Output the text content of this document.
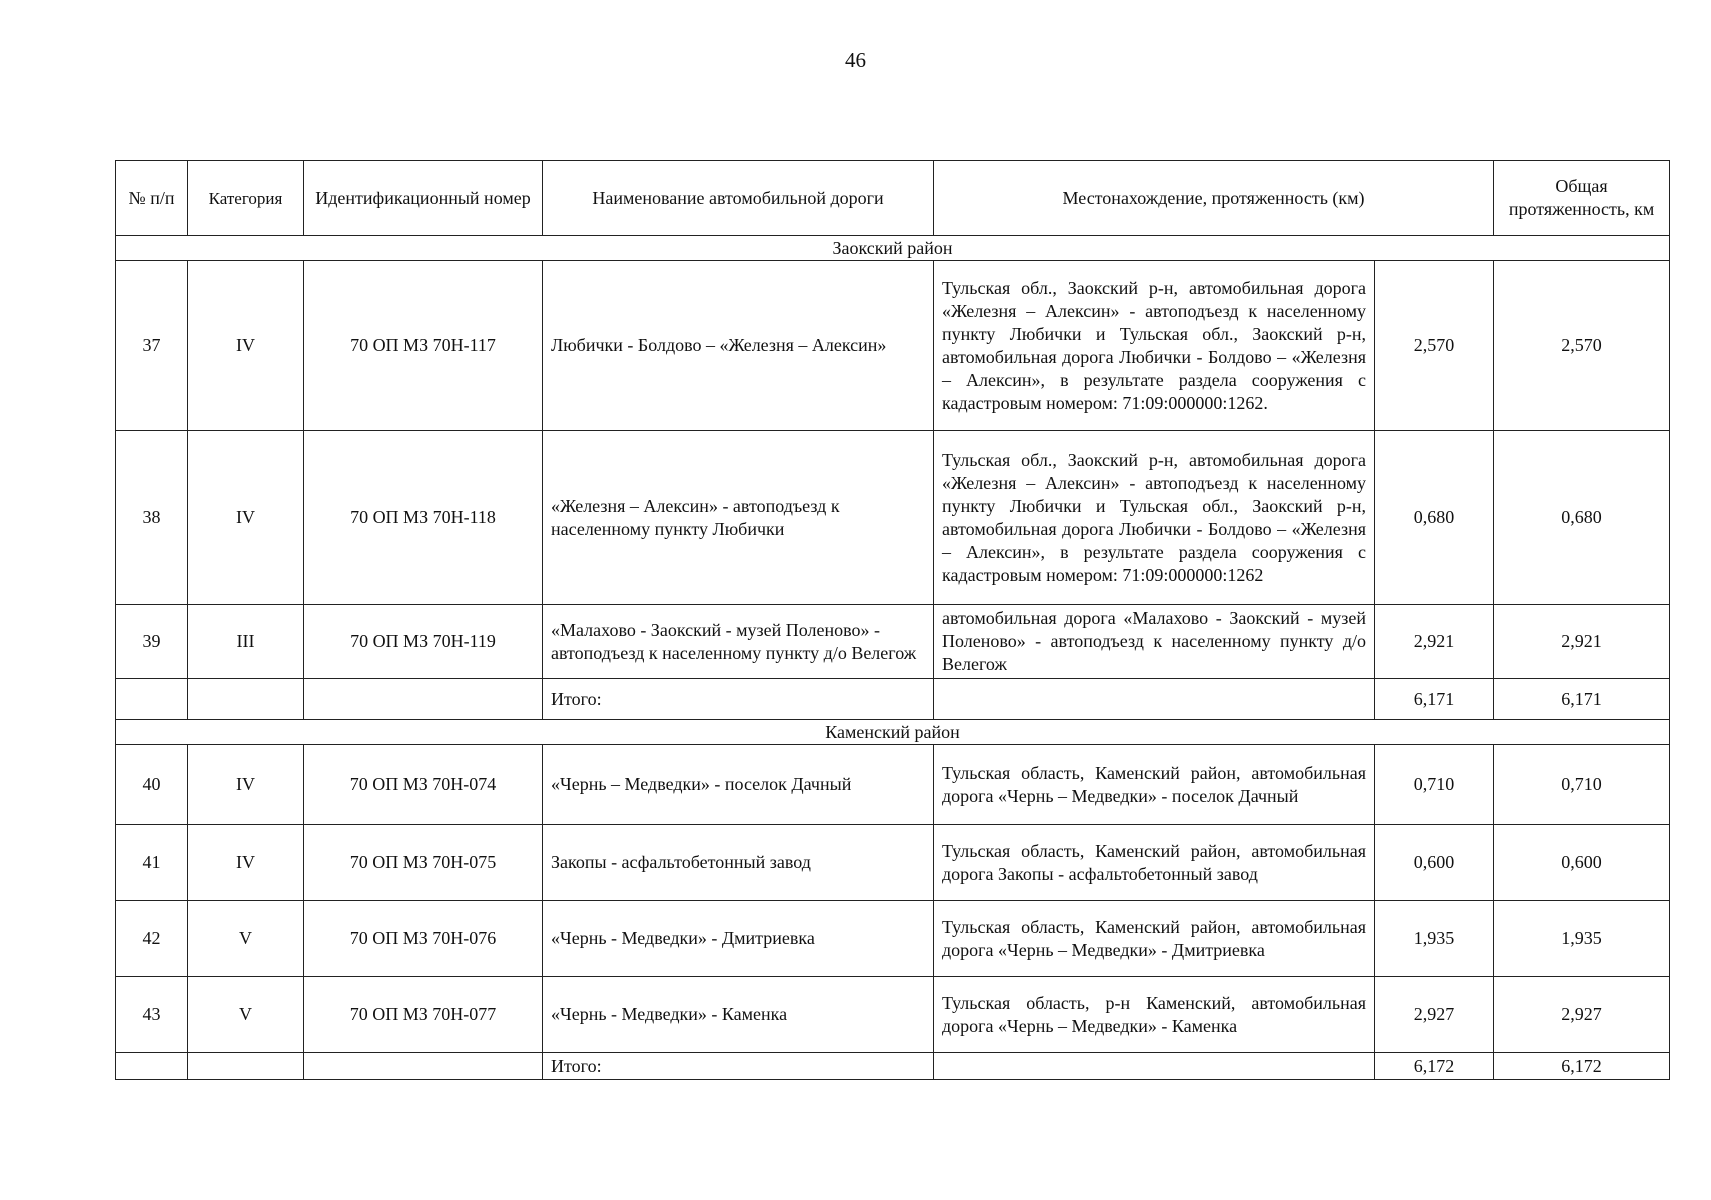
46
№ п/п	Категория	Идентификационный номер	Наименование автомобильной дороги	Местонахождение, протяженность (км)		Общая протяженность, км
Заокский район						
37	IV	70 ОП МЗ 70Н-117	Любички - Болдово – «Железня – Алексин»	Тульская обл., Заокский р-н, автомобильная дорога «Железня – Алексин» - автоподъезд к населенному пункту Любички и Тульская обл., Заокский р-н, автомобильная дорога Любички - Болдово – «Железня – Алексин», в результате раздела сооружения с кадастровым номером: 71:09:000000:1262.	2,570	2,570
38	IV	70 ОП МЗ 70Н-118	«Железня – Алексин» - автоподъезд к населенному пункту Любички	Тульская обл., Заокский р-н, автомобильная дорога «Железня – Алексин» - автоподъезд к населенному пункту Любички и Тульская обл., Заокский р-н, автомобильная дорога Любички - Болдово – «Железня – Алексин», в результате раздела сооружения с кадастровым номером: 71:09:000000:1262	0,680	0,680
39	III	70 ОП МЗ 70Н-119	«Малахово - Заокский - музей Поленово» - автоподъезд к населенному пункту д/о Велегож	автомобильная дорога «Малахово - Заокский - музей Поленово» - автоподъезд к населенному пункту д/о Велегож	2,921	2,921
			Итого:		6,171	6,171
Каменский район						
40	IV	70 ОП МЗ 70Н-074	«Чернь – Медведки» - поселок Дачный	Тульская область, Каменский район, автомобильная дорога «Чернь – Медведки» - поселок Дачный	0,710	0,710
41	IV	70 ОП МЗ 70Н-075	Закопы - асфальтобетонный завод	Тульская область, Каменский район, автомобильная дорога Закопы - асфальтобетонный завод	0,600	0,600
42	V	70 ОП МЗ 70Н-076	«Чернь - Медведки» - Дмитриевка	Тульская область, Каменский район, автомобильная дорога «Чернь – Медведки» - Дмитриевка	1,935	1,935
43	V	70 ОП МЗ 70Н-077	«Чернь - Медведки» - Каменка	Тульская область, р-н Каменский, автомобильная дорога «Чернь – Медведки» - Каменка	2,927	2,927
			Итого:		6,172	6,172
